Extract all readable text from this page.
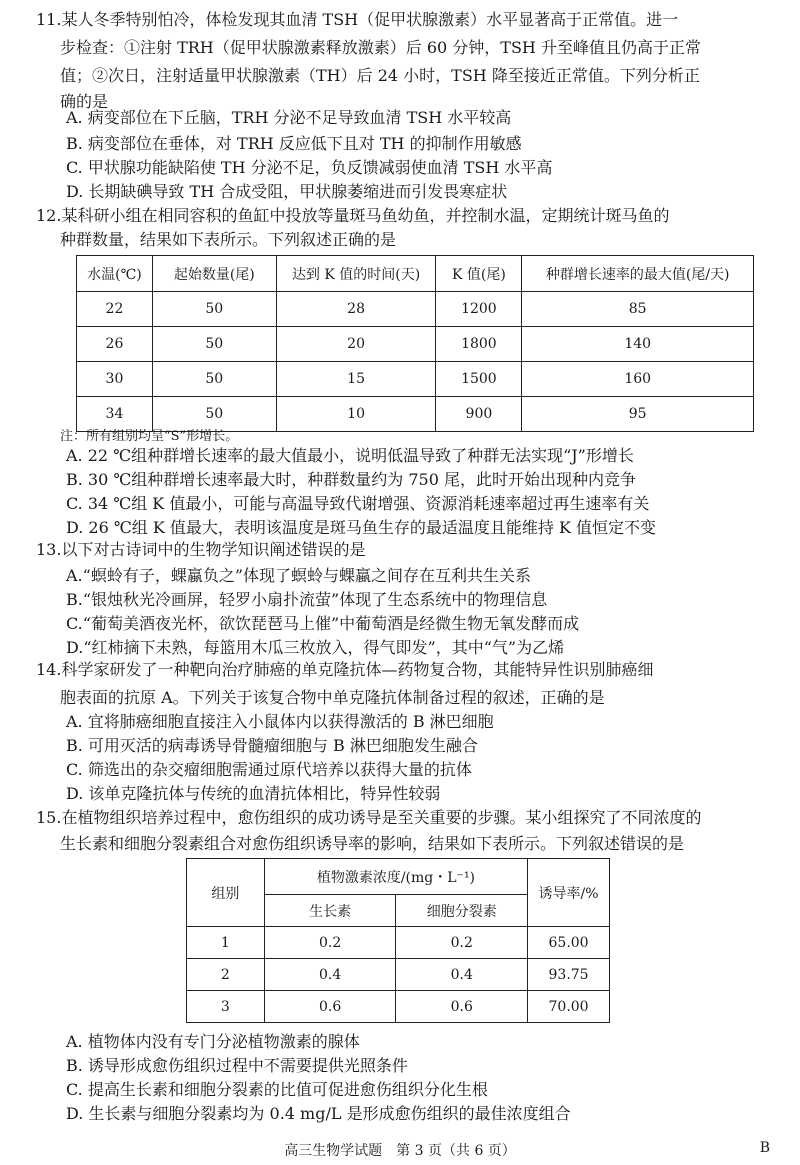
11.某人冬季特别怕冷，体检发现其血清 TSH（促甲状腺激素）水平显著高于正常值。进一

步检查：①注射 TRH（促甲状腺激素释放激素）后 60 分钟，TSH 升至峰值且仍高于正常

值；②次日，注射适量甲状腺激素（TH）后 24 小时，TSH 降至接近正常值。下列分析正

确的是

A. 病变部位在下丘脑，TRH 分泌不足导致血清 TSH 水平较高

B. 病变部位在垂体，对 TRH 反应低下且对 TH 的抑制作用敏感

C. 甲状腺功能缺陷使 TH 分泌不足，负反馈减弱使血清 TSH 水平高

D. 长期缺碘导致 TH 合成受阻，甲状腺萎缩进而引发畏寒症状

12.某科研小组在相同容积的鱼缸中投放等量斑马鱼幼鱼，并控制水温，定期统计斑马鱼的

种群数量，结果如下表所示。下列叙述正确的是

水温(℃)	起始数量(尾)	达到 K 值的时间(天)	K 值(尾)	种群增长速率的最大值(尾/天)
22	50	28	1200	85
26	50	20	1800	140
30	50	15	1500	160
34	50	10	900	95
注：所有组别均呈“S”形增长。

A. 22 ℃组种群增长速率的最大值最小，说明低温导致了种群无法实现“J”形增长

B. 30 ℃组种群增长速率最大时，种群数量约为 750 尾，此时开始出现种内竞争

C. 34 ℃组 K 值最小，可能与高温导致代谢增强、资源消耗速率超过再生速率有关

D. 26 ℃组 K 值最大，表明该温度是斑马鱼生存的最适温度且能维持 K 值恒定不变

13.以下对古诗词中的生物学知识阐述错误的是

A.“螟蛉有子，蜾蠃负之”体现了螟蛉与蜾蠃之间存在互利共生关系

B.“银烛秋光冷画屏，轻罗小扇扑流萤”体现了生态系统中的物理信息

C.“葡萄美酒夜光杯，欲饮琵琶马上催”中葡萄酒是经微生物无氧发酵而成

D.“红柿摘下未熟，每篮用木瓜三枚放入，得气即发”，其中“气”为乙烯

14.科学家研发了一种靶向治疗肺癌的单克隆抗体—药物复合物，其能特异性识别肺癌细

胞表面的抗原 A。下列关于该复合物中单克隆抗体制备过程的叙述，正确的是

A. 宜将肺癌细胞直接注入小鼠体内以获得激活的 B 淋巴细胞

B. 可用灭活的病毒诱导骨髓瘤细胞与 B 淋巴细胞发生融合

C. 筛选出的杂交瘤细胞需通过原代培养以获得大量的抗体

D. 该单克隆抗体与传统的血清抗体相比，特异性较弱

15.在植物组织培养过程中，愈伤组织的成功诱导是至关重要的步骤。某小组探究了不同浓度的

生长素和细胞分裂素组合对愈伤组织诱导率的影响，结果如下表所示。下列叙述错误的是

组别	植物激素浓度/(mg・L⁻¹)		诱导率/%
	生长素	细胞分裂素	
1	0.2	0.2	65.00
2	0.4	0.4	93.75
3	0.6	0.6	70.00

A. 植物体内没有专门分泌植物激素的腺体

B. 诱导形成愈伤组织过程中不需要提供光照条件

C. 提高生长素和细胞分裂素的比值可促进愈伤组织分化生根

D. 生长素与细胞分裂素均为 0.4 mg/L 是形成愈伤组织的最佳浓度组合

高三生物学试题　第 3 页（共 6 页）	B
